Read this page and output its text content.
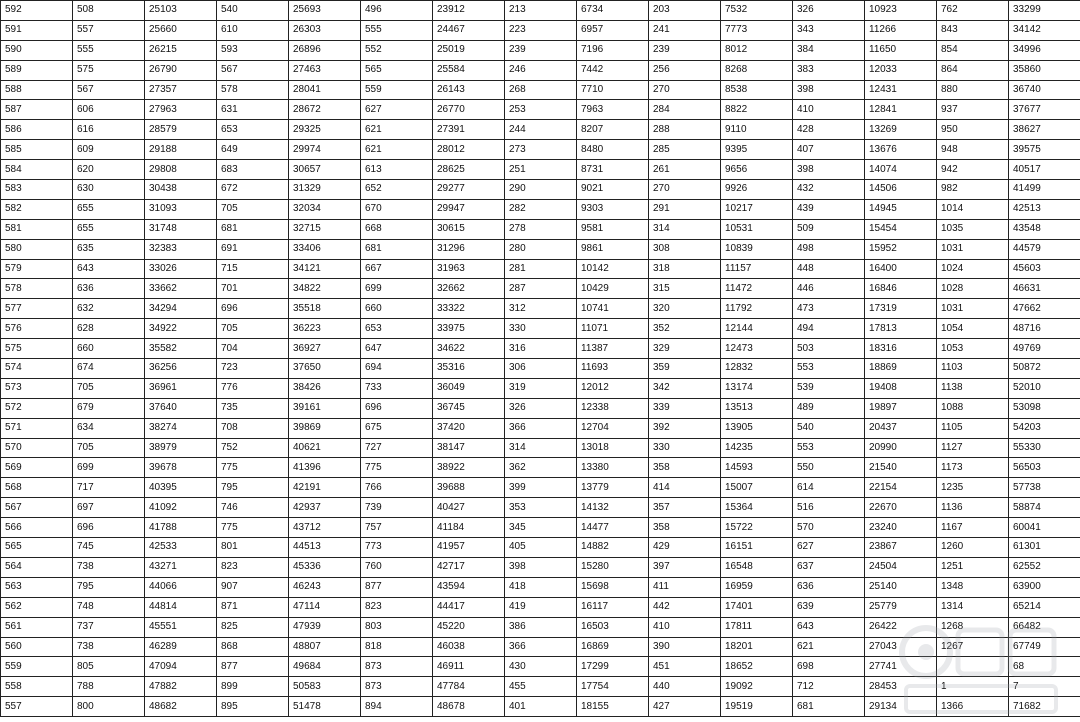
592	508	25103	540	25693	496	23912	213	6734	203	7532	326	10923	762	33299
591	557	25660	610	26303	555	24467	223	6957	241	7773	343	11266	843	34142
590	555	26215	593	26896	552	25019	239	7196	239	8012	384	11650	854	34996
589	575	26790	567	27463	565	25584	246	7442	256	8268	383	12033	864	35860
588	567	27357	578	28041	559	26143	268	7710	270	8538	398	12431	880	36740
587	606	27963	631	28672	627	26770	253	7963	284	8822	410	12841	937	37677
586	616	28579	653	29325	621	27391	244	8207	288	9110	428	13269	950	38627
585	609	29188	649	29974	621	28012	273	8480	285	9395	407	13676	948	39575
584	620	29808	683	30657	613	28625	251	8731	261	9656	398	14074	942	40517
583	630	30438	672	31329	652	29277	290	9021	270	9926	432	14506	982	41499
582	655	31093	705	32034	670	29947	282	9303	291	10217	439	14945	1014	42513
581	655	31748	681	32715	668	30615	278	9581	314	10531	509	15454	1035	43548
580	635	32383	691	33406	681	31296	280	9861	308	10839	498	15952	1031	44579
579	643	33026	715	34121	667	31963	281	10142	318	11157	448	16400	1024	45603
578	636	33662	701	34822	699	32662	287	10429	315	11472	446	16846	1028	46631
577	632	34294	696	35518	660	33322	312	10741	320	11792	473	17319	1031	47662
576	628	34922	705	36223	653	33975	330	11071	352	12144	494	17813	1054	48716
575	660	35582	704	36927	647	34622	316	11387	329	12473	503	18316	1053	49769
574	674	36256	723	37650	694	35316	306	11693	359	12832	553	18869	1103	50872
573	705	36961	776	38426	733	36049	319	12012	342	13174	539	19408	1138	52010
572	679	37640	735	39161	696	36745	326	12338	339	13513	489	19897	1088	53098
571	634	38274	708	39869	675	37420	366	12704	392	13905	540	20437	1105	54203
570	705	38979	752	40621	727	38147	314	13018	330	14235	553	20990	1127	55330
569	699	39678	775	41396	775	38922	362	13380	358	14593	550	21540	1173	56503
568	717	40395	795	42191	766	39688	399	13779	414	15007	614	22154	1235	57738
567	697	41092	746	42937	739	40427	353	14132	357	15364	516	22670	1136	58874
566	696	41788	775	43712	757	41184	345	14477	358	15722	570	23240	1167	60041
565	745	42533	801	44513	773	41957	405	14882	429	16151	627	23867	1260	61301
564	738	43271	823	45336	760	42717	398	15280	397	16548	637	24504	1251	62552
563	795	44066	907	46243	877	43594	418	15698	411	16959	636	25140	1348	63900
562	748	44814	871	47114	823	44417	419	16117	442	17401	639	25779	1314	65214
561	737	45551	825	47939	803	45220	386	16503	410	17811	643	26422	1268	66482
560	738	46289	868	48807	818	46038	366	16869	390	18201	621	27043	1267	67749
559	805	47094	877	49684	873	46911	430	17299	451	18652	698	27741		68
558	788	47882	899	50583	873	47784	455	17754	440	19092	712	28453	1	7
557	800	48682	895	51478	894	48678	401	18155	427	19519	681	29134	1366	71682
